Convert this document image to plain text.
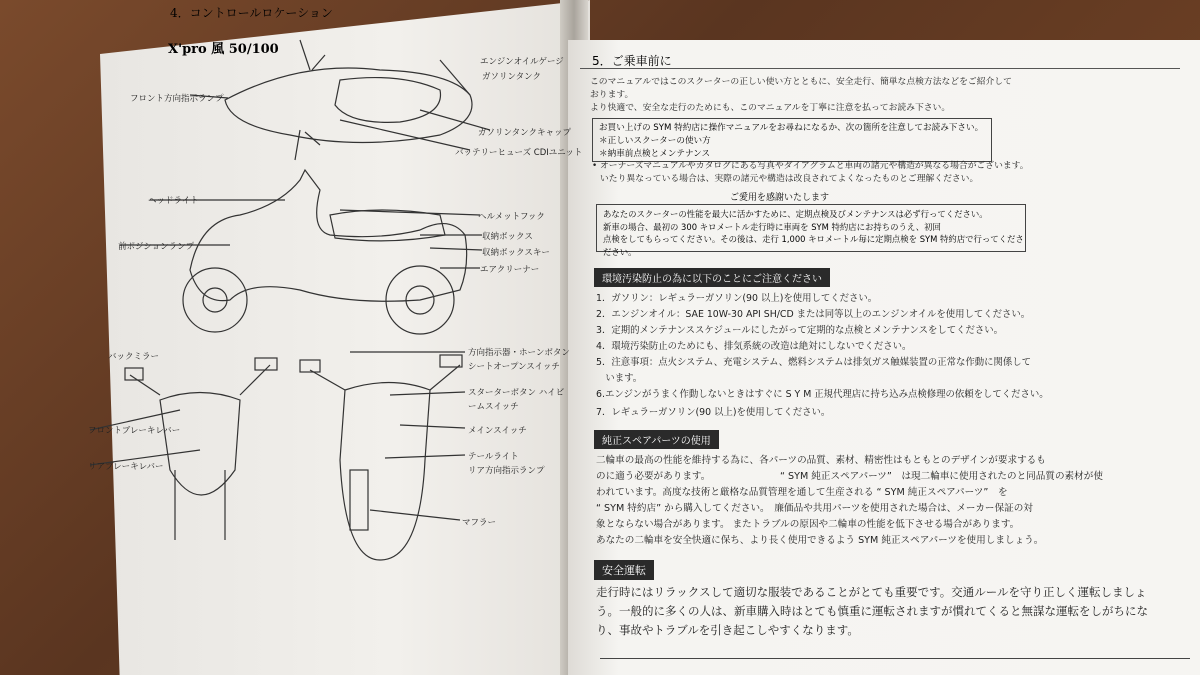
4．コントロールロケーション
X'pro 風 50/100
エンジンオイルゲージ
ガソリンタンク
フロント方向指示ランプ
ガソリンタンクキャップ
バッテリーヒューズ CDIユニット
ヘッドライト
前ポジションランプ
ヘルメットフック
収納ボックス
収納ボックスキー
エアクリーナー
バックミラー
フロントブレーキレバー
リアブレーキレバー
方向指示器・ホーンボタン
シートオープンスイッチ
スターターボタン ハイビ
ームスイッチ
メインスイッチ
テールライト
リア方向指示ランプ
マフラー
5．ご乗車前に
このマニュアルではこのスクーターの正しい使い方とともに、安全走行、簡単な点検方法などをご紹介して
おります。
より快適で、安全な走行のためにも、このマニュアルを丁寧に注意を払ってお読み下さい。
お買い上げの SYM 特約店に操作マニュアルをお尋ねになるか、次の箇所を注意してお読み下さい。
＊正しいスクーターの使い方
＊納車前点検とメンテナンス
• オーナーズマニュアルやカタログにある写真やダイアグラムと車両の諸元や構造が異なる場合がございます。
いたり異なっている場合は、実際の諸元や構造は改良されてよくなったものとご理解ください。
ご愛用を感謝いたします
あなたのスクーターの性能を最大に活かすために、定期点検及びメンテナンスは必ず行ってください。
新車の場合、最初の 300 キロメートル走行時に車両を SYM 特約店にお持ちのうえ、初回
点検をしてもらってください。その後は、走行 1,000 キロメートル毎に定期点検を SYM 特約店で行ってくださ
ださい。
環境汚染防止の為に以下のことにご注意ください
1．ガソリン：レギュラーガソリン(90 以上)を使用してください。
2．エンジンオイル：SAE 10W-30 API SH/CD または同等以上のエンジンオイルを使用してください。
3．定期的メンテナンススケジュールにしたがって定期的な点検とメンテナンスをしてください。
4．環境汚染防止のためにも、排気系統の改造は絶対にしないでください。
5．注意事項：点火システム、充電システム、燃料システムは排気ガス触媒装置の正常な作動に関係して
　います。
6.エンジンがうまく作動しないときはすぐに S Y M 正規代理店に持ち込み点検修理の依頼をしてください。
7．レギュラーガソリン(90 以上)を使用してください。
純正スペアパーツの使用
二輪車の最高の性能を維持する為に、各パーツの品質、素材、精密性はもともとのデザインが要求するも
のに適う必要があります。	“ SYM 純正スペアパーツ”　は現二輪車に使用されたのと同品質の素材が使
われています。高度な技術と厳格な品質管理を通して生産される “ SYM 純正スペアパーツ”　を
“ SYM 特約店” から購入してください。　廉価品や共用パーツを使用された場合は、メーカー保証の対
象とならない場合があります。 またトラブルの原因や二輪車の性能を低下させる場合があります。
あなたの二輪車を安全快適に保ち、より長く使用できるよう SYM 純正スペアパーツを使用しましょう。
安全運転
走行時にはリラックスして適切な服装であることがとても重要です。交通ルールを守り正しく運転しましょ
う。一般的に多くの人は、新車購入時はとても慎重に運転されますが慣れてくると無謀な運転をしがちにな
り、事故やトラブルを引き起こしやすくなります。
